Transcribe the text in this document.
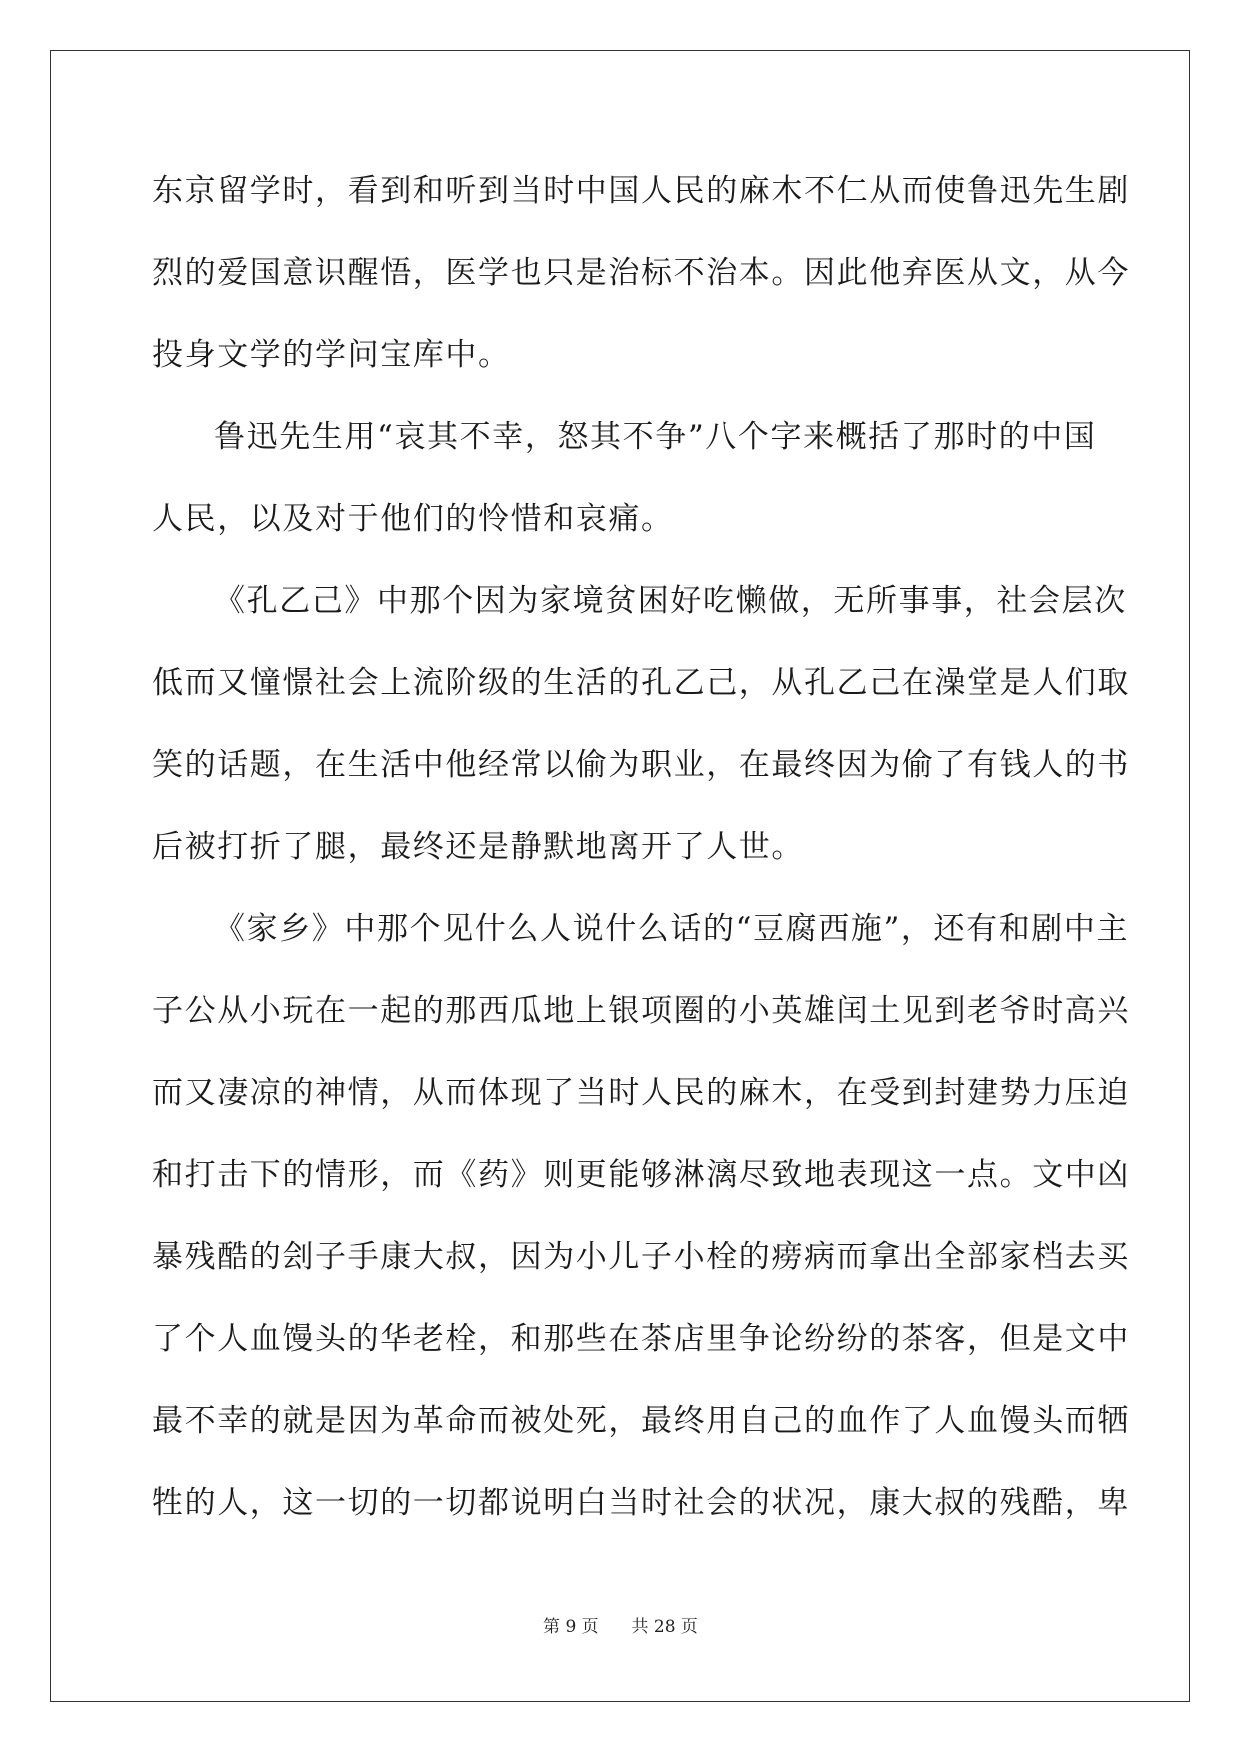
东京留学时，看到和听到当时中国人民的麻木不仁从而使鲁迅先生剧
烈的爱国意识醒悟，医学也只是治标不治本。因此他弃医从文，从今
投身文学的学问宝库中。
鲁迅先生用“哀其不幸，怒其不争”八个字来概括了那时的中国
人民，以及对于他们的怜惜和哀痛。
《孔乙己》中那个因为家境贫困好吃懒做，无所事事，社会层次
低而又憧憬社会上流阶级的生活的孔乙己，从孔乙己在澡堂是人们取
笑的话题，在生活中他经常以偷为职业，在最终因为偷了有钱人的书
后被打折了腿，最终还是静默地离开了人世。
《家乡》中那个见什么人说什么话的“豆腐西施”，还有和剧中主
子公从小玩在一起的那西瓜地上银项圈的小英雄闰土见到老爷时高兴
而又凄凉的神情，从而体现了当时人民的麻木，在受到封建势力压迫
和打击下的情形，而《药》则更能够淋漓尽致地表现这一点。文中凶
暴残酷的刽子手康大叔，因为小儿子小栓的痨病而拿出全部家档去买
了个人血馒头的华老栓，和那些在茶店里争论纷纷的茶客，但是文中
最不幸的就是因为革命而被处死，最终用自己的血作了人血馒头而牺
牲的人，这一切的一切都说明白当时社会的状况，康大叔的残酷，卑
第 9 页 共 28 页
